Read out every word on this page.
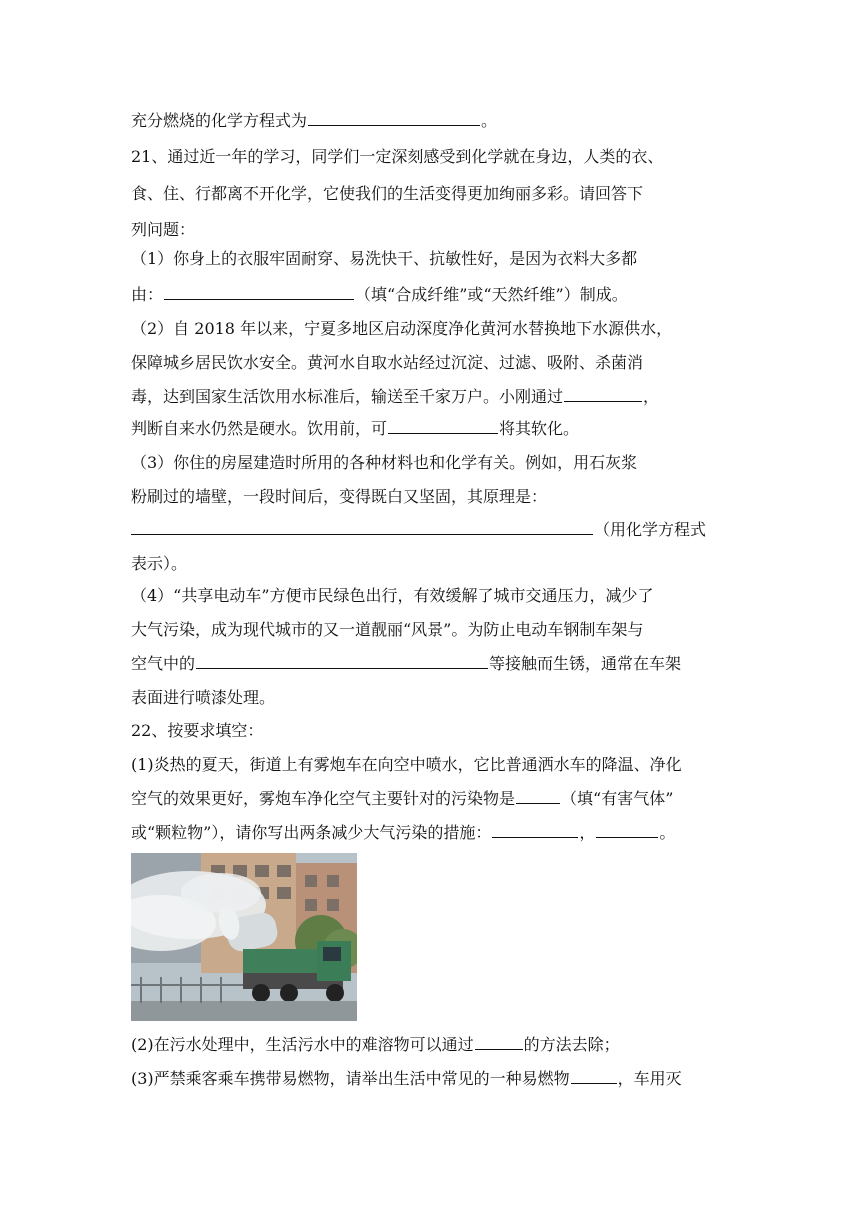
充分燃烧的化学方程式为	。
21、通过近一年的学习，同学们一定深刻感受到化学就在身边，人类的衣、
食、住、行都离不开化学，它使我们的生活变得更加绚丽多彩。请回答下
列问题：
（1）你身上的衣服牢固耐穿、易洗快干、抗敏性好，是因为衣料大多都
由：	（填“合成纤维”或“天然纤维”）制成。
（2）自 2018 年以来，宁夏多地区启动深度净化黄河水替换地下水源供水，
保障城乡居民饮水安全。黄河水自取水站经过沉淀、过滤、吸附、杀菌消
毒，达到国家生活饮用水标准后，输送至千家万户。小刚通过	，
判断自来水仍然是硬水。饮用前，可	将其软化。
（3）你住的房屋建造时所用的各种材料也和化学有关。例如，用石灰浆
粉刷过的墙壁，一段时间后，变得既白又坚固，其原理是：
（用化学方程式
表示）。
（4）“共享电动车”方便市民绿色出行，有效缓解了城市交通压力，减少了
大气污染，成为现代城市的又一道靓丽“风景”。为防止电动车钢制车架与
空气中的	等接触而生锈，通常在车架
表面进行喷漆处理。
22、按要求填空：
(1)炎热的夏天，街道上有雾炮车在向空中喷水，它比普通洒水车的降温、净化
空气的效果更好，雾炮车净化空气主要针对的污染物是	（填“有害气体”
或“颗粒物”），请你写出两条减少大气污染的措施：	，	。
(2)在污水处理中，生活污水中的难溶物可以通过	的方法去除；
(3)严禁乘客乘车携带易燃物，请举出生活中常见的一种易燃物	，车用灭
